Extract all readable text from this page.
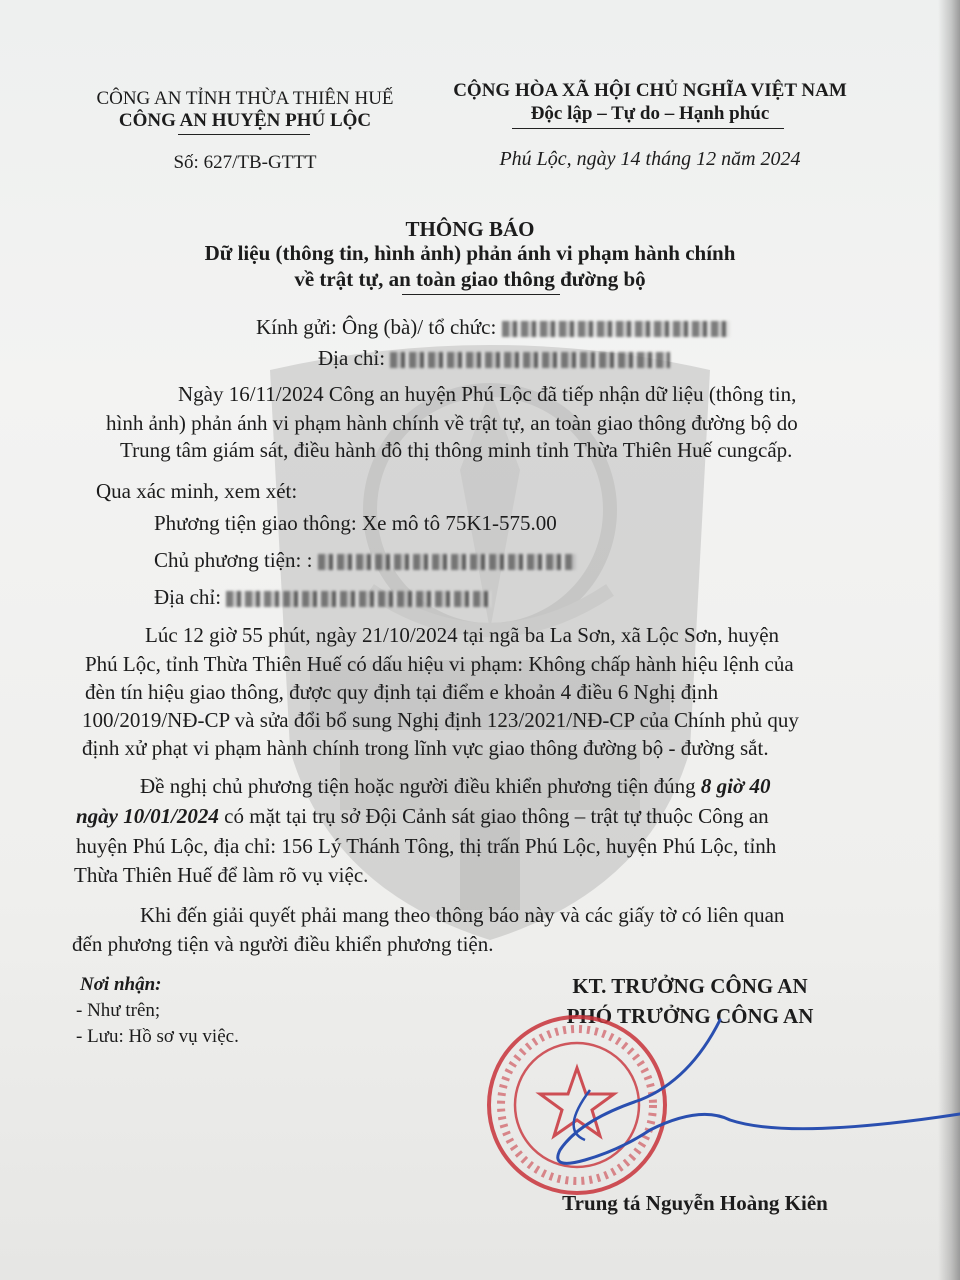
CÔNG AN TỈNH THỪA THIÊN HUẾ
CÔNG AN HUYỆN PHÚ LỘC
Số: 627/TB-GTTT
CỘNG HÒA XÃ HỘI CHỦ NGHĨA VIỆT NAM
Độc lập – Tự do – Hạnh phúc
Phú Lộc, ngày 14 tháng 12 năm 2024
THÔNG BÁO
Dữ liệu (thông tin, hình ảnh) phản ánh vi phạm hành chính
về trật tự, an toàn giao thông đường bộ
Kính gửi: Ông (bà)/ tổ chức:
Địa chỉ:
Ngày 16/11/2024 Công an huyện Phú Lộc đã tiếp nhận dữ liệu (thông tin,
hình ảnh) phản ánh vi phạm hành chính về trật tự, an toàn giao thông đường bộ do
Trung tâm giám sát, điều hành đô thị thông minh tỉnh Thừa Thiên Huế cungcấp.
Qua xác minh, xem xét:
Phương tiện giao thông: Xe mô tô 75K1-575.00
Chủ phương tiện: :
Địa chỉ:
Lúc 12 giờ 55 phút, ngày 21/10/2024 tại ngã ba La Sơn, xã Lộc Sơn, huyện
Phú Lộc, tỉnh Thừa Thiên Huế có dấu hiệu vi phạm: Không chấp hành hiệu lệnh của
đèn tín hiệu giao thông, được quy định tại điểm e khoản 4 điều 6 Nghị định
100/2019/NĐ-CP và sửa đổi bổ sung Nghị định 123/2021/NĐ-CP của Chính phủ quy
định xử phạt vi phạm hành chính trong lĩnh vực giao thông đường bộ - đường sắt.
Đề nghị chủ phương tiện hoặc người điều khiển phương tiện đúng 8 giờ 40
ngày 10/01/2024 có mặt tại trụ sở Đội Cảnh sát giao thông – trật tự thuộc Công an
huyện Phú Lộc, địa chỉ: 156 Lý Thánh Tông, thị trấn Phú Lộc, huyện Phú Lộc, tỉnh
Thừa Thiên Huế để làm rõ vụ việc.
Khi đến giải quyết phải mang theo thông báo này và các giấy tờ có liên quan
đến phương tiện và người điều khiển phương tiện.
Nơi nhận:
- Như trên;
- Lưu: Hồ sơ vụ việc.
KT. TRƯỞNG CÔNG AN
PHÓ TRƯỞNG CÔNG AN
Trung tá Nguyễn Hoàng Kiên
